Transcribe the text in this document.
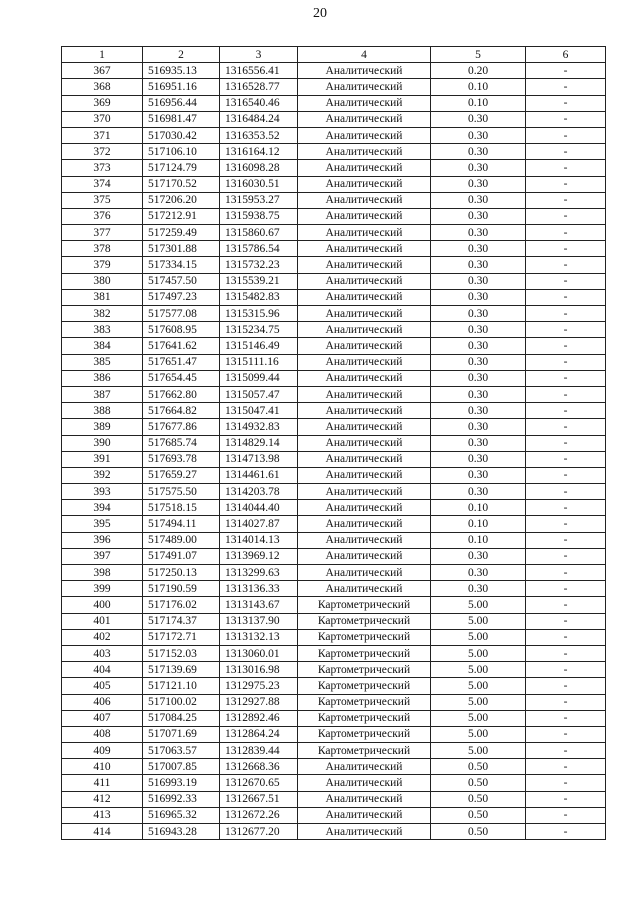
20
1	2	3	4	5	6
367	516935.13	1316556.41	Аналитический	0.20	-
368	516951.16	1316528.77	Аналитический	0.10	-
369	516956.44	1316540.46	Аналитический	0.10	-
370	516981.47	1316484.24	Аналитический	0.30	-
371	517030.42	1316353.52	Аналитический	0.30	-
372	517106.10	1316164.12	Аналитический	0.30	-
373	517124.79	1316098.28	Аналитический	0.30	-
374	517170.52	1316030.51	Аналитический	0.30	-
375	517206.20	1315953.27	Аналитический	0.30	-
376	517212.91	1315938.75	Аналитический	0.30	-
377	517259.49	1315860.67	Аналитический	0.30	-
378	517301.88	1315786.54	Аналитический	0.30	-
379	517334.15	1315732.23	Аналитический	0.30	-
380	517457.50	1315539.21	Аналитический	0.30	-
381	517497.23	1315482.83	Аналитический	0.30	-
382	517577.08	1315315.96	Аналитический	0.30	-
383	517608.95	1315234.75	Аналитический	0.30	-
384	517641.62	1315146.49	Аналитический	0.30	-
385	517651.47	1315111.16	Аналитический	0.30	-
386	517654.45	1315099.44	Аналитический	0.30	-
387	517662.80	1315057.47	Аналитический	0.30	-
388	517664.82	1315047.41	Аналитический	0.30	-
389	517677.86	1314932.83	Аналитический	0.30	-
390	517685.74	1314829.14	Аналитический	0.30	-
391	517693.78	1314713.98	Аналитический	0.30	-
392	517659.27	1314461.61	Аналитический	0.30	-
393	517575.50	1314203.78	Аналитический	0.30	-
394	517518.15	1314044.40	Аналитический	0.10	-
395	517494.11	1314027.87	Аналитический	0.10	-
396	517489.00	1314014.13	Аналитический	0.10	-
397	517491.07	1313969.12	Аналитический	0.30	-
398	517250.13	1313299.63	Аналитический	0.30	-
399	517190.59	1313136.33	Аналитический	0.30	-
400	517176.02	1313143.67	Картометрический	5.00	-
401	517174.37	1313137.90	Картометрический	5.00	-
402	517172.71	1313132.13	Картометрический	5.00	-
403	517152.03	1313060.01	Картометрический	5.00	-
404	517139.69	1313016.98	Картометрический	5.00	-
405	517121.10	1312975.23	Картометрический	5.00	-
406	517100.02	1312927.88	Картометрический	5.00	-
407	517084.25	1312892.46	Картометрический	5.00	-
408	517071.69	1312864.24	Картометрический	5.00	-
409	517063.57	1312839.44	Картометрический	5.00	-
410	517007.85	1312668.36	Аналитический	0.50	-
411	516993.19	1312670.65	Аналитический	0.50	-
412	516992.33	1312667.51	Аналитический	0.50	-
413	516965.32	1312672.26	Аналитический	0.50	-
414	516943.28	1312677.20	Аналитический	0.50	-
